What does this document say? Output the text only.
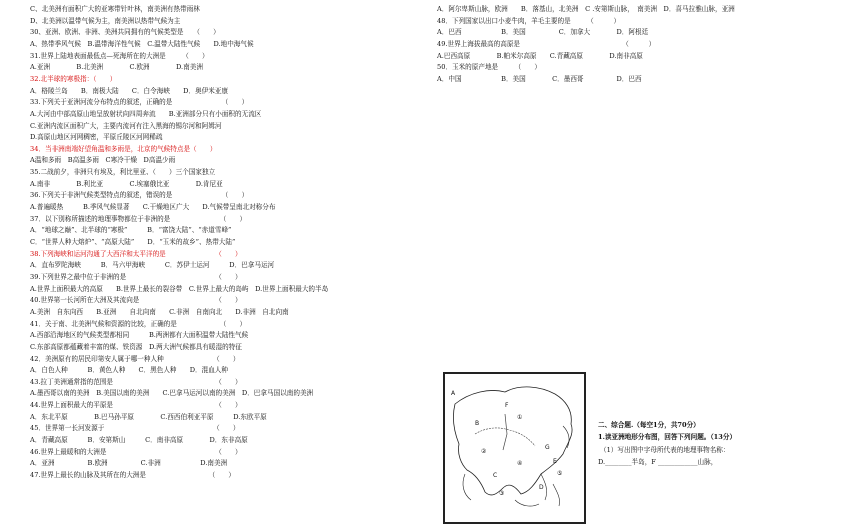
C、北美洲有面积广大的亚寒带针叶林，南美洲有热带雨林
D、北美洲以温带气候为主，南美洲以热带气候为主
30、亚洲、欧洲、非洲、美洲共同拥有的气候类型是　　（　　）
A、热带季风气候　B.温带海洋性气候　C.温带大陆性气候　　D.地中海气候
31.世界上陆地表面最低点—死海所在的大洲是　　　（　　）
A.亚洲　　　　B.北美洲　　　　C.欧洲　　　　D.南美洲
32.北半球的寒极指：（　　）
A．格陵兰岛　　B．南极大陆　　C．白令海峡　　D．奥伊米亚康
33.下列关于亚洲河流分布特点的叙述，正确的是　　　　　　　　（　　）
A.大河由中部高原山地呈放射状向四周奔流　　B.亚洲部分只有小面积的无流区
C.亚洲内流区面积广大，主要内流河有注入黑海的锡尔河和阿姆河
D.高原山地区河网稠密，平原丘陵区河网稀疏
34．当非洲南端好望角温和多雨是，北京的气候特点是（　　）
A温和多雨　B高温多雨　C寒冷干燥　D高温少雨
35.二战前夕，非洲只有埃及，利比里亚、（　　）三个国家独立
A.南非　　　　B.利比亚　　　　C.埃塞俄比亚　　　　D.肯尼亚
36.下列关于非洲气候类型特点的叙述，错误的是　　　　　　　　（　　）
A.普遍暖热　　　B.季风气候显著　　C.干燥地区广大　　D.气候带呈南北对称分布
37．以下别称所描述的地理事物都位于非洲的是　　　　　　　　（　　）
A．“地球之巅”、北半球的“寒极”　　　B．“富饶大陆”、“赤道雪峰”
C．“世界人种大熔炉”、“高原大陆”　　D．“玉米的故乡”、热带大陆”
38.下列海峡和运河沟通了大西洋和太平洋的是　　　　　　　　（　　）
A．直布罗陀海峡　　　B．马六甲海峡　　　C．苏伊士运河　　　D．巴拿马运河
39.下列世界之最中位于非洲的是　　　　　　　　　　　　　　（　　）
A.世界上面积最大的高原　　B.世界上最长的裂谷带　C.世界上最大的岛屿　D.世界上面积最大的半岛
40.世界第一长河所在大洲及其流向是　　　　　　　　　　　　（　　）
A.美洲　自东向西　　B.亚洲　　自北向南　　C.非洲　自南向北　　D.非洲　自北向南
41．关于南、北美洲气候和资源的比较，正确的是　　　　　　　（　　）
A.西部沿海地区的气候类型都相同　　　B.两洲都有大面积温带大陆性气候
C.东部高原都蕴藏着丰富的煤、铁资源　D.两大洲气候都具有暖湿的特征
42．美洲原有的居民印第安人属于哪一种人种　　　　　　　　（　　）
A．白色人种　　　B．黄色人种　　C．黑色人种　　D．混血人种
43.拉丁美洲通常指的范围是　　　　　　　　　　　　　　　　（　　）
A.墨西哥以南的美洲　B.美国以南的美洲　　C.巴拿马运河以南的美洲　D．巴拿马国以南的美洲
44.世界上面积最大的平原是　　　　　　　　　　　　　　　　（　　）
A．东北平原　　　　B.巴马孙平原　　　　C.西西伯利亚平原　　　D.东欧平原
45．世界第一长河发源于　　　　　　　　　　　　　　　　　（　　）
A．青藏高原　　　B．安第斯山　　　C．南非高原　　　　D．东非高原
46.世界上最暖和的大洲是　　　　　　　　　　　　　　　　　（　　）
A．亚洲　　　　　B.欧洲　　　　　C.非洲　　　　　　D.南美洲
47.世界上最长的山脉及其所在的大洲是　　　　　　　　　　（　　）
A．阿尔卑斯山脉，欧洲　　B．落基山，北美洲　C .安第斯山脉，　南美洲　D．喜马拉雅山脉，亚洲
48．下列国家以出口小麦牛肉，羊毛主要的是　　　（　　　）
A．巴西　　　　　　B．美国　　　　　C．加拿大　　　　D．阿根廷
49.世界上海拔最高的高原是　　　　　　　　　　　　　　　　（　　　）
A.巴西高原　　　　B.帕米尔高原　　C.青藏高原　　　　D.南非高原
50．玉米的原产地是　　　（　　）
A．中国　　　　　　B．美国　　　　C．墨西哥　　　　　D．巴西
二、综合题.（每空1分，共70分）
1.读亚洲地形分布图，回答下列问题。（13分）
（1）写出图中字母所代表的地理事物名称：
D.________半岛，F ____________山脉，
A
B
C
D
E
F
G
①
②
③
④
⑤
